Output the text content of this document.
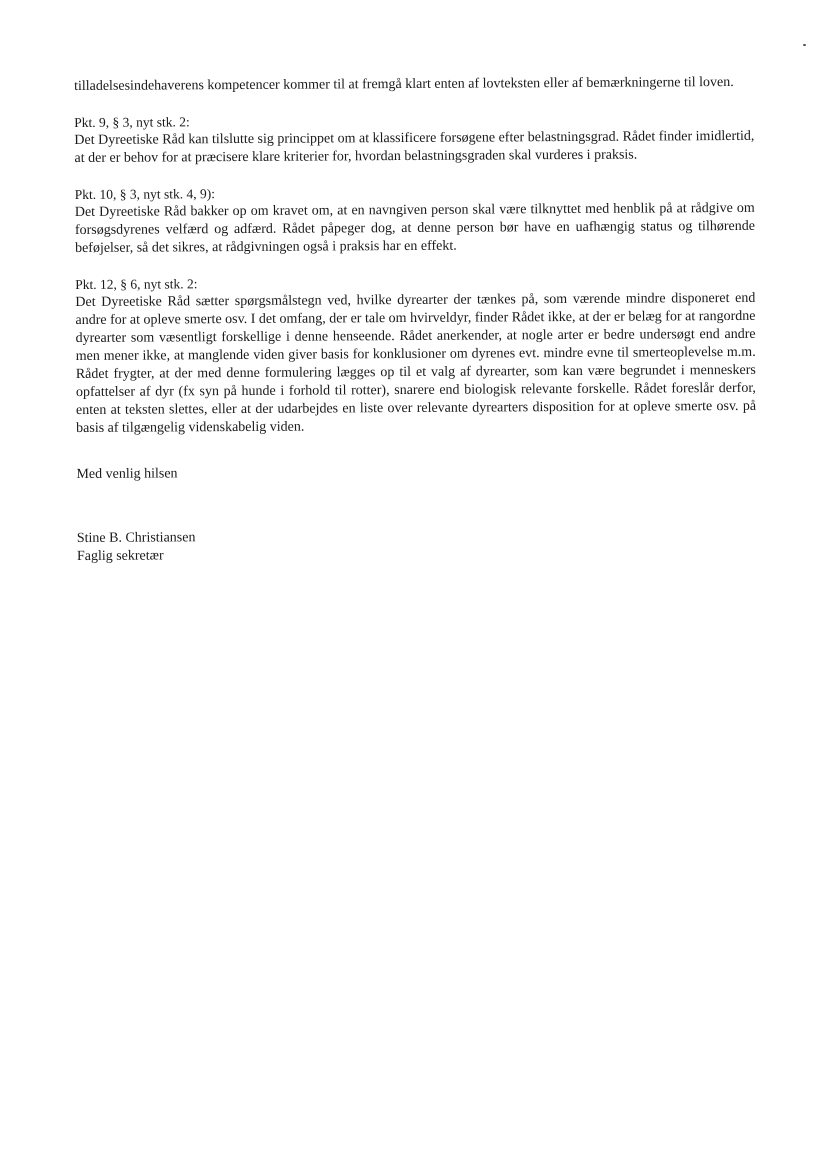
tilladelsesindehaverens kompetencer kommer til at fremgå klart enten af lovteksten eller af bemærkningerne til loven.

Pkt. 9, § 3, nyt stk. 2:

Det Dyreetiske Råd kan tilslutte sig princippet om at klassificere forsøgene efter belastningsgrad. Rådet finder imidlertid, at der er behov for at præcisere klare kriterier for, hvordan belastningsgraden skal vurderes i praksis.

Pkt. 10, § 3, nyt stk. 4, 9):

Det Dyreetiske Råd bakker op om kravet om, at en navngiven person skal være tilknyttet med henblik på at rådgive om forsøgsdyrenes velfærd og adfærd. Rådet påpeger dog, at denne person bør have en uafhængig status og tilhørende beføjelser, så det sikres, at rådgivningen også i praksis har en effekt.

Pkt. 12, § 6, nyt stk. 2:

Det Dyreetiske Råd sætter spørgsmålstegn ved, hvilke dyrearter der tænkes på, som værende mindre disponeret end andre for at opleve smerte osv. I det omfang, der er tale om hvirveldyr, finder Rådet ikke, at der er belæg for at rangordne dyrearter som væsentligt forskellige i denne henseende. Rådet anerkender, at nogle arter er bedre undersøgt end andre men mener ikke, at manglende viden giver basis for konklusioner om dyrenes evt. mindre evne til smerteoplevelse m.m. Rådet frygter, at der med denne formulering lægges op til et valg af dyrearter, som kan være begrundet i menneskers opfattelser af dyr (fx syn på hunde i forhold til rotter), snarere end biologisk relevante forskelle. Rådet foreslår derfor, enten at teksten slettes, eller at der udarbejdes en liste over relevante dyrearters disposition for at opleve smerte osv. på basis af tilgængelig videnskabelig viden.

Med venlig hilsen
Stine B. Christiansen
Faglig sekretær
